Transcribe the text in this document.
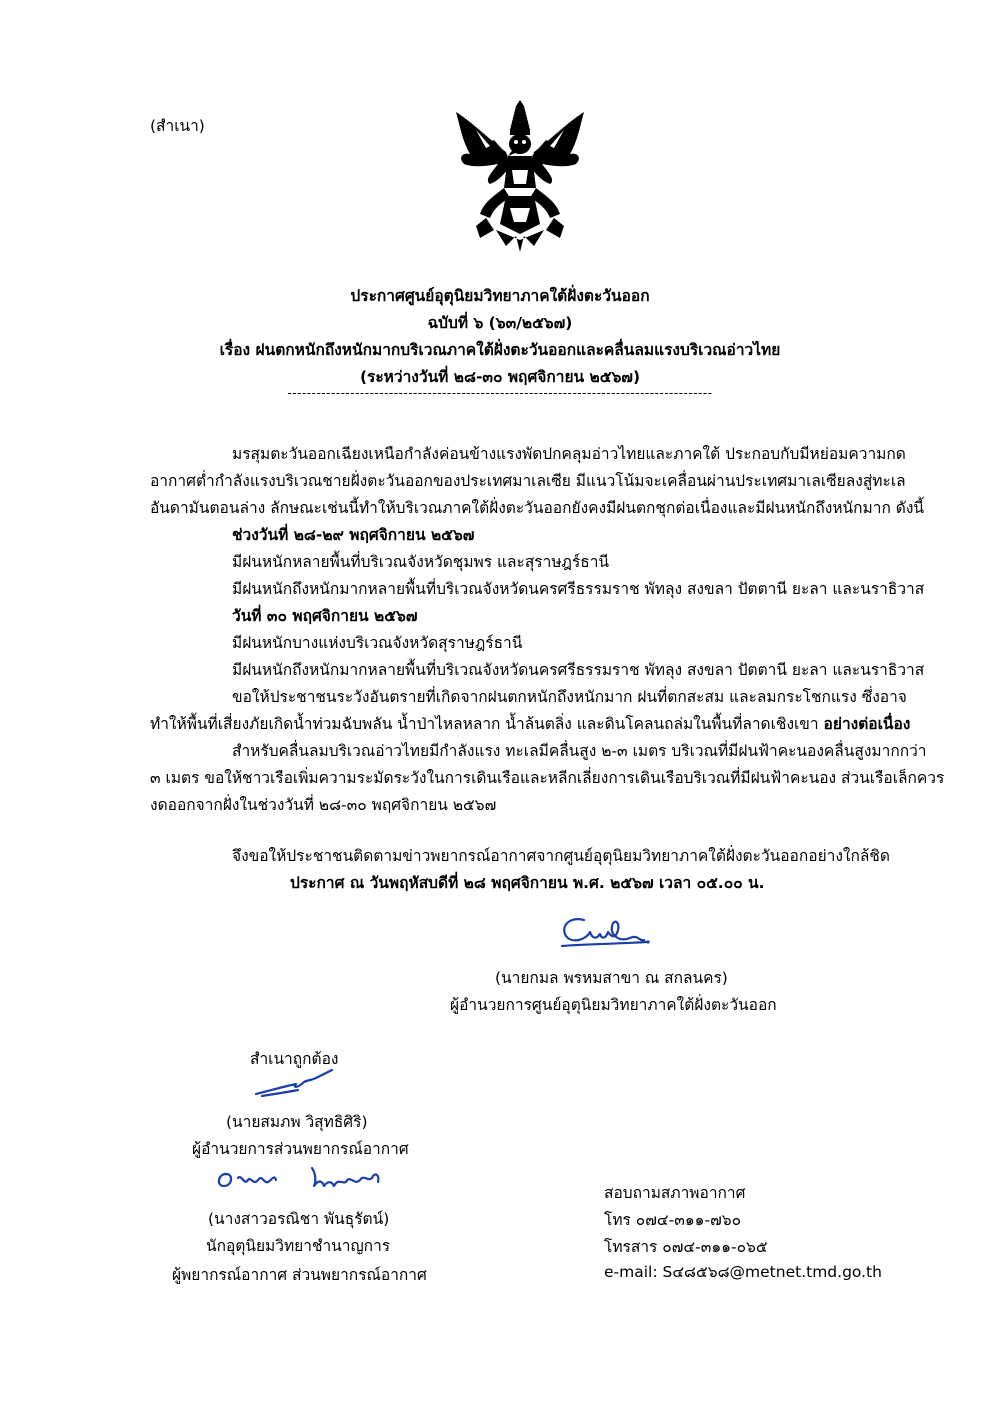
(สำเนา)
ประกาศศูนย์อุตุนิยมวิทยาภาคใต้ฝั่งตะวันออก
ฉบับที่ ๖ (๖๓/๒๕๖๗)
เรื่อง ฝนตกหนักถึงหนักมากบริเวณภาคใต้ฝั่งตะวันออกและคลื่นลมแรงบริเวณอ่าวไทย
(ระหว่างวันที่ ๒๘-๓๐ พฤศจิกายน ๒๕๖๗)
----------------------------------------------------------------------------------------
มรสุมตะวันออกเฉียงเหนือกำลังค่อนข้างแรงพัดปกคลุมอ่าวไทยและภาคใต้ ประกอบกับมีหย่อมความกด
อากาศต่ำกำลังแรงบริเวณชายฝั่งตะวันออกของประเทศมาเลเซีย มีแนวโน้มจะเคลื่อนผ่านประเทศมาเลเซียลงสู่ทะเล
อันดามันตอนล่าง ลักษณะเช่นนี้ทำให้บริเวณภาคใต้ฝั่งตะวันออกยังคงมีฝนตกชุกต่อเนื่องและมีฝนหนักถึงหนักมาก ดังนี้
ช่วงวันที่ ๒๘-๒๙ พฤศจิกายน ๒๕๖๗
มีฝนหนักหลายพื้นที่บริเวณจังหวัดชุมพร และสุราษฎร์ธานี
มีฝนหนักถึงหนักมากหลายพื้นที่บริเวณจังหวัดนครศรีธรรมราช พัทลุง สงขลา ปัตตานี ยะลา และนราธิวาส
วันที่ ๓๐ พฤศจิกายน ๒๕๖๗
มีฝนหนักบางแห่งบริเวณจังหวัดสุราษฎร์ธานี
มีฝนหนักถึงหนักมากหลายพื้นที่บริเวณจังหวัดนครศรีธรรมราช พัทลุง สงขลา ปัตตานี ยะลา และนราธิวาส
ขอให้ประชาชนระวังอันตรายที่เกิดจากฝนตกหนักถึงหนักมาก ฝนที่ตกสะสม และลมกระโชกแรง ซึ่งอาจ
ทำให้พื้นที่เสี่ยงภัยเกิดน้ำท่วมฉับพลัน น้ำป่าไหลหลาก น้ำล้นตลิ่ง และดินโคลนถล่มในพื้นที่ลาดเชิงเขา อย่างต่อเนื่อง
สำหรับคลื่นลมบริเวณอ่าวไทยมีกำลังแรง ทะเลมีคลื่นสูง ๒-๓ เมตร บริเวณที่มีฝนฟ้าคะนองคลื่นสูงมากกว่า
๓ เมตร ขอให้ชาวเรือเพิ่มความระมัดระวังในการเดินเรือและหลีกเลี่ยงการเดินเรือบริเวณที่มีฝนฟ้าคะนอง ส่วนเรือเล็กควร
งดออกจากฝั่งในช่วงวันที่ ๒๘-๓๐ พฤศจิกายน ๒๕๖๗
จึงขอให้ประชาชนติดตามข่าวพยากรณ์อากาศจากศูนย์อุตุนิยมวิทยาภาคใต้ฝั่งตะวันออกอย่างใกล้ชิด
ประกาศ ณ วันพฤหัสบดีที่ ๒๘ พฤศจิกายน พ.ศ. ๒๕๖๗ เวลา ๐๕.๐๐ น.
(นายกมล พรหมสาขา ณ สกลนคร)
ผู้อำนวยการศูนย์อุตุนิยมวิทยาภาคใต้ฝั่งตะวันออก
สำเนาถูกต้อง
(นายสมภพ วิสุทธิศิริ)
ผู้อำนวยการส่วนพยากรณ์อากาศ
(นางสาวอรณิชา พันธุรัตน์)
นักอุตุนิยมวิทยาชำนาญการ
ผู้พยากรณ์อากาศ ส่วนพยากรณ์อากาศ
สอบถามสภาพอากาศ
โทร ๐๗๔-๓๑๑-๗๖๐
โทรสาร ๐๗๔-๓๑๑-๐๖๕
e-mail: S๔๘๕๖๘@metnet.tmd.go.th
